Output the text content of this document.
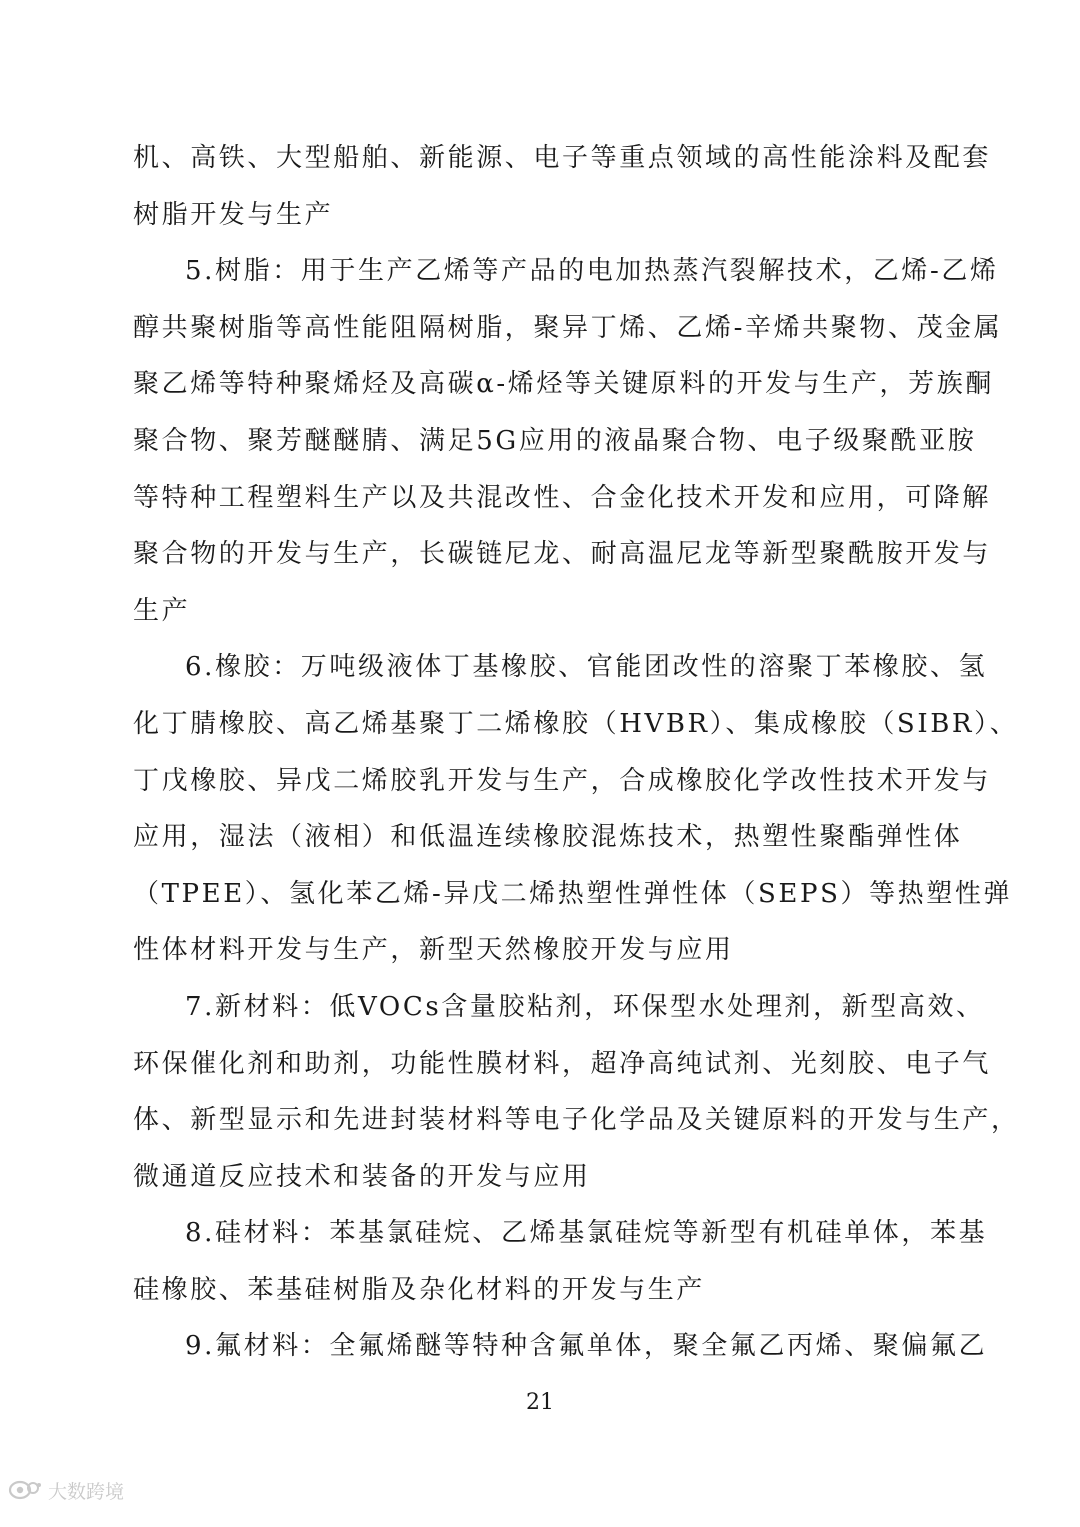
机、高铁、大型船舶、新能源、电子等重点领域的高性能涂料及配套
树脂开发与生产
5.树脂：用于生产乙烯等产品的电加热蒸汽裂解技术，乙烯-乙烯
醇共聚树脂等高性能阻隔树脂，聚异丁烯、乙烯-辛烯共聚物、茂金属
聚乙烯等特种聚烯烃及高碳α-烯烃等关键原料的开发与生产，芳族酮
聚合物、聚芳醚醚腈、满足5G应用的液晶聚合物、电子级聚酰亚胺
等特种工程塑料生产以及共混改性、合金化技术开发和应用，可降解
聚合物的开发与生产，长碳链尼龙、耐高温尼龙等新型聚酰胺开发与
生产
6.橡胶：万吨级液体丁基橡胶、官能团改性的溶聚丁苯橡胶、氢
化丁腈橡胶、高乙烯基聚丁二烯橡胶（HVBR）、集成橡胶（SIBR）、
丁戊橡胶、异戊二烯胶乳开发与生产，合成橡胶化学改性技术开发与
应用，湿法（液相）和低温连续橡胶混炼技术，热塑性聚酯弹性体
（TPEE）、氢化苯乙烯-异戊二烯热塑性弹性体（SEPS）等热塑性弹
性体材料开发与生产，新型天然橡胶开发与应用
7.新材料：低VOCs含量胶粘剂，环保型水处理剂，新型高效、
环保催化剂和助剂，功能性膜材料，超净高纯试剂、光刻胶、电子气
体、新型显示和先进封装材料等电子化学品及关键原料的开发与生产，
微通道反应技术和装备的开发与应用
8.硅材料：苯基氯硅烷、乙烯基氯硅烷等新型有机硅单体，苯基
硅橡胶、苯基硅树脂及杂化材料的开发与生产
9.氟材料：全氟烯醚等特种含氟单体，聚全氟乙丙烯、聚偏氟乙
21
大数跨境
